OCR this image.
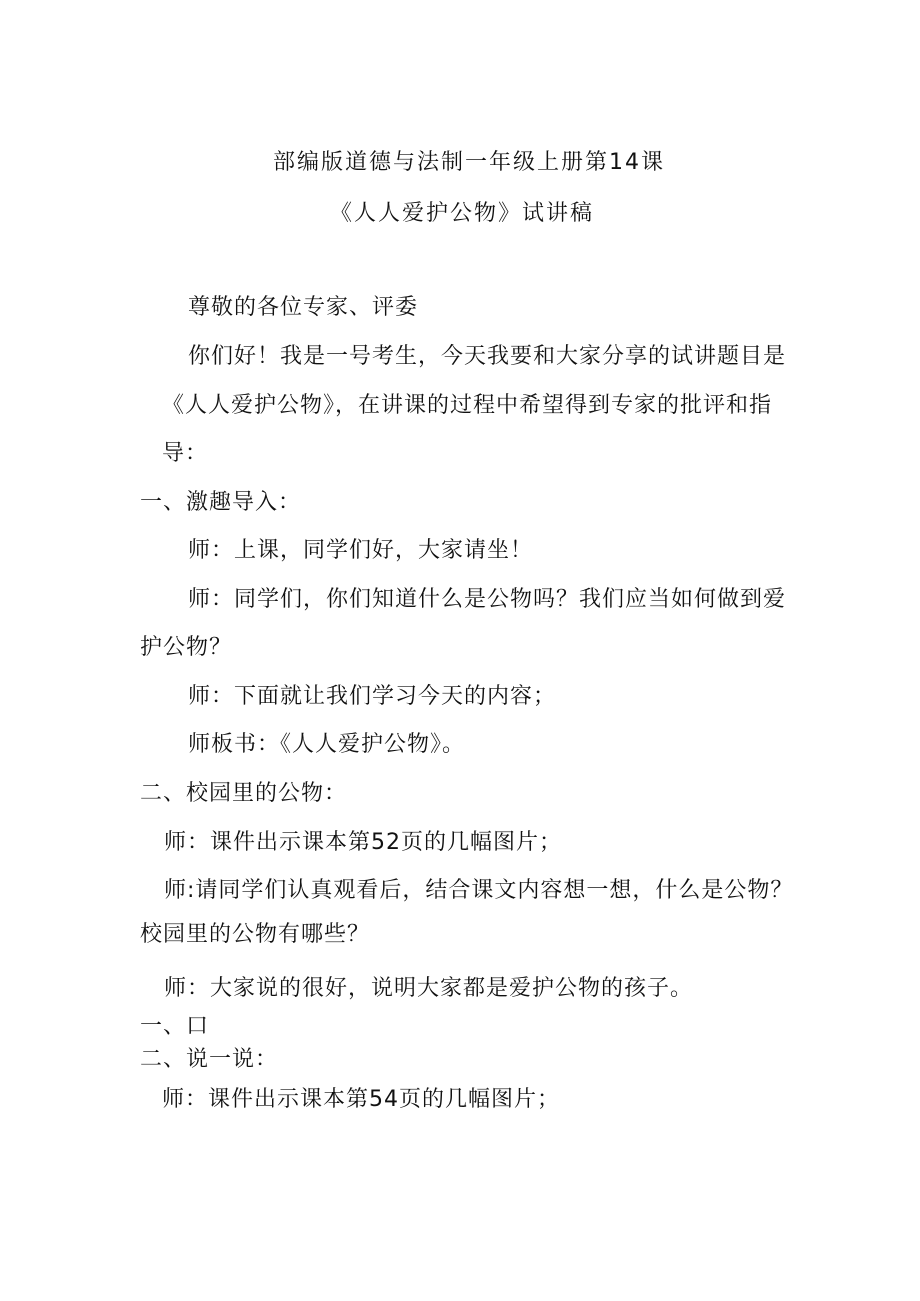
部编版道德与法制一年级上册第14课
《人人爱护公物》试讲稿
尊敬的各位专家、评委
你们好！我是一号考生，今天我要和大家分享的试讲题目是
《人人爱护公物》，在讲课的过程中希望得到专家的批评和指
导：
一、激趣导入：
师：上课，同学们好，大家请坐！
师：同学们，你们知道什么是公物吗？我们应当如何做到爱
护公物？
师：下面就让我们学习今天的内容；
师板书：《人人爱护公物》。
二、校园里的公物：
师：课件出示课本第52页的几幅图片；
师:请同学们认真观看后，结合课文内容想一想，什么是公物？
校园里的公物有哪些？
师：大家说的很好，说明大家都是爱护公物的孩子。
一、口
二、说一说：
师：课件出示课本第54页的几幅图片；
